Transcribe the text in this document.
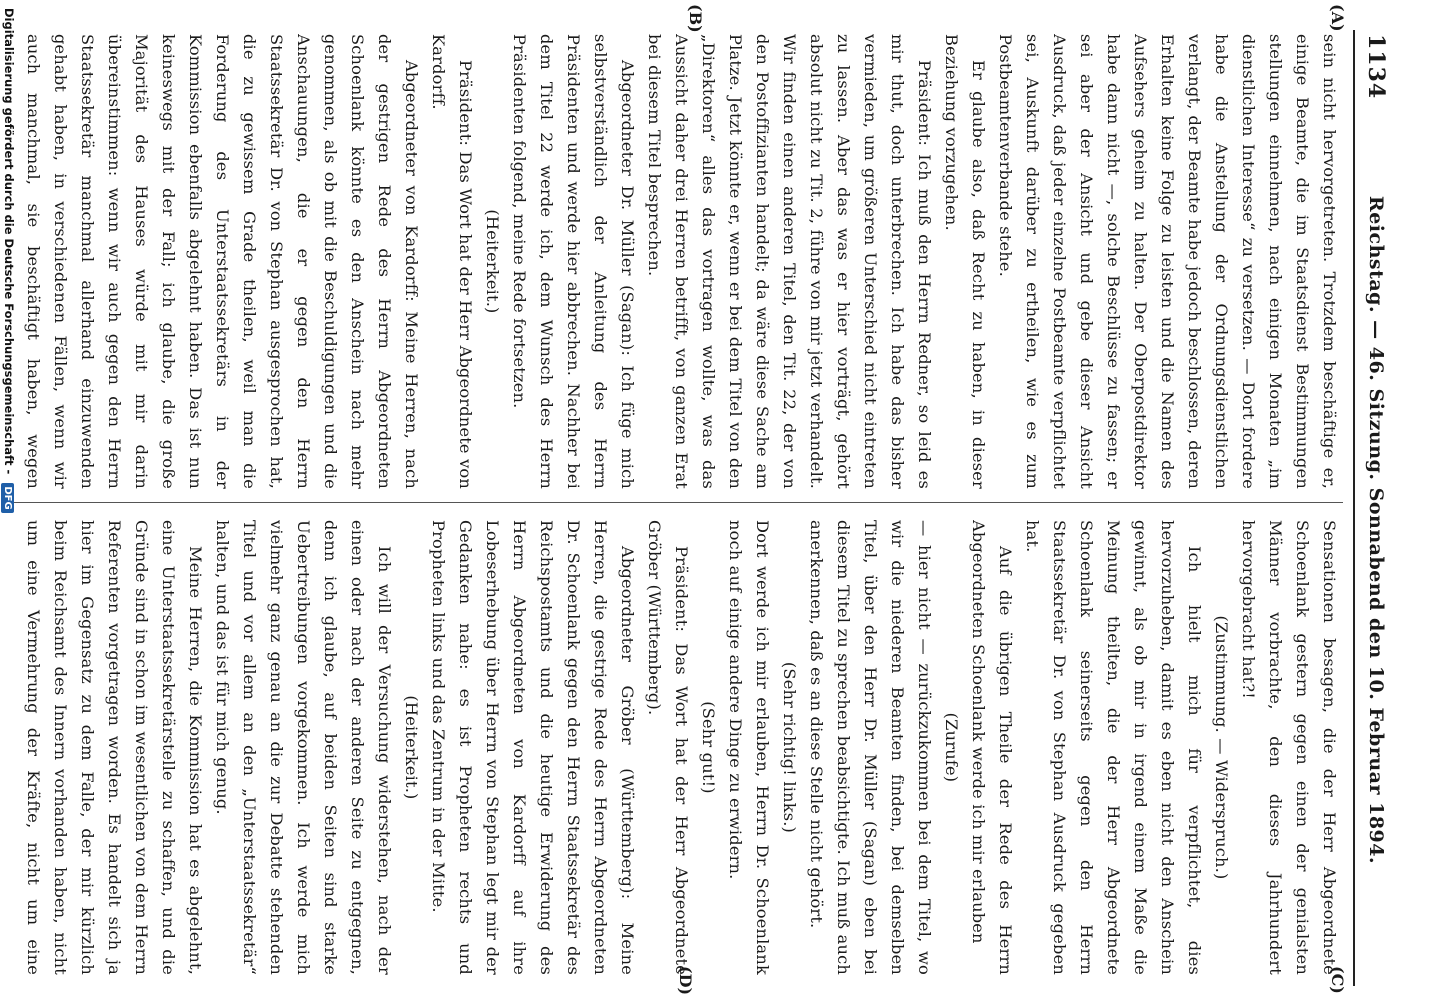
1134
Reichstag. — 46. Sitzung. Sonnabend den 10. Februar 1894.
(A)
(B)
(C)
(D)

sein nicht hervorgetreten. Trotzdem beschäftige er, einige Beamte, die im Staatsdienst Bestimmungen stellungen einnehmen, nach einigen Monaten „im dienstlichen Interesse“ zu versetzen. — Dort fordere habe die Anstellung der Ordnungsdienstlichen verlangt, der Beamte habe jedoch beschlossen, deren Erhalten keine Folge zu leisten und die Namen des Aufsehers geheim zu halten. Der Oberpostdirektor habe dann nicht —, solche Beschlüsse zu fassen; er sei aber der Ansicht und gebe dieser Ansicht Ausdruck, daß jeder einzelne Postbeamte verpflichtet sei, Auskunft darüber zu ertheilen, wie es zum Postbeamtenverbande stehe.

Er glaube also, daß Recht zu haben, in dieser Beziehung vorzugehen.

Präsident: Ich muß den Herrn Redner, so leid es mir thut, doch unterbrechen. Ich habe das bisher vermieden, um größeren Unterschied nicht eintreten zu lassen. Aber das was er hier vorträgt, gehört absolut nicht zu Tit. 2, führe von mir jetzt verhandelt. Wir finden einen anderen Titel, den Tit. 22, der von den Postoffizianten handelt; da wäre diese Sache am Platze. Jetzt könnte er, wenn er bei dem Titel von den „Direktoren“ alles das vortragen wollte, was das Aussicht daher drei Herren betrifft, von ganzen Erat bei diesem Titel besprechen.

Abgeordneter Dr. Müller (Sagan): Ich füge mich selbstverständlich der Anleitung des Herrn Präsidenten und werde hier abbrechen. Nachher bei dem Titel 22 werde ich, dem Wunsch des Herrn Präsidenten folgend, meine Rede fortsetzen.

(Heiterkeit.)

Präsident: Das Wort hat der Herr Abgeordnete von Kardorff.

Abgeordneter von Kardorff: Meine Herren, nach der gestrigen Rede des Herrn Abgeordneten Schoenlank könnte es den Anschein nach mehr genommen, als ob mit die Beschuldigungen und die Anschauungen, die er gegen den Herrn Staatssekretär Dr. von Stephan ausgesprochen hat, die zu gewissem Grade theilen, weil man die Forderung des Unterstaatssekretärs in der Kommission ebenfalls abgelehnt haben. Das ist nun keineswegs mit der Fall; ich glaube, die große Majorität des Hauses würde mit mir darin übereinstimmen: wenn wir auch gegen den Herrn Staatssekretär manchmal allerhand einzuwenden gehabt haben, in verschiedenen Fällen, wenn wir auch manchmal, sie beschäftigt haben, wegen

Sensationen besagen, die der Herr Abgeordnete Schoenlank gestern gegen einen der genialsten Männer vorbrachte, den dieses Jahrhundert hervorgebracht hat?!

(Zustimmung. — Widerspruch.)

Ich hielt mich für verpflichtet, dies hervorzuheben, damit es eben nicht den Anschein gewinnt, als ob mir in irgend einem Maße die Meinung theilten, die der Herr Abgeordnete Schoenlank seinerseits gegen den Herrn Staatssekretär Dr. von Stephan Ausdruck gegeben hat.

Auf die übrigen Theile der Rede des Herrn Abgeordneten Schoenlank werde ich mir erlauben

(Zurufe)

— hier nicht — zurückzukommen bei dem Titel, wo wir die niederen Beamten finden, bei demselben Titel, über den Herr Dr. Müller (Sagan) eben bei diesem Titel zu sprechen beabsichtigte. Ich muß auch anerkennen, daß es an diese Stelle nicht gehört.

(Sehr richtig! links.)

Dort werde ich mir erlauben, Herrn Dr. Schoenlank noch auf einige andere Dinge zu erwidern.

(Sehr gut!)

Präsident: Das Wort hat der Herr Abgeordnete Gröber (Württemberg).

Abgeordneter Gröber (Württemberg): Meine Herren, die gestrige Rede des Herrn Abgeordneten Dr. Schoenlank gegen den Herrn Staatssekretär des Reichspostamts und die heutige Erwiderung des Herrn Abgeordneten von Kardorff auf ihre Lobeserhebung über Herrn von Stephan legt mir der Gedanken nahe: es ist Propheten rechts und Propheten links und das Zentrum in der Mitte.

(Heiterkeit.)

Ich will der Versuchung widerstehen, nach der einen oder nach der anderen Seite zu entgegnen, denn ich glaube, auf beiden Seiten sind starke Uebertreibungen vorgekommen. Ich werde mich vielmehr ganz genau an die zur Debatte stehenden Titel und vor allem an den „Unterstaatssekretär“ halten, und das ist für mich genug.

Meine Herren, die Kommission hat es abgelehnt, eine Unterstaatssekretärstelle zu schaffen, und die Gründe sind in schon im wesentlichen von dem Herrn Referenten vorgetragen worden. Es handelt sich ja hier im Gegensatz zu dem Falle, der mir kürzlich beim Reichsamt des Innern vorhanden haben, nicht um eine Vermehrung der Kräfte, nicht um eine

Digitalisierung gefördert durch die Deutsche Forschungsgemeinschaft - DFG
